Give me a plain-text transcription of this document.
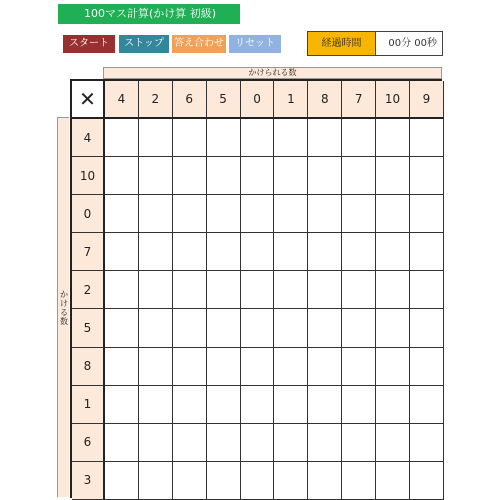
100マス計算(かけ算 初級)
スタート	ストップ	答え合わせ	リセット	経過時間	00分 00秒
かけられる数
か
け
る
数
✕	4	2	6	5	0	1	8	7	10	9
4
10
0
7
2
5
8
1
6
3
